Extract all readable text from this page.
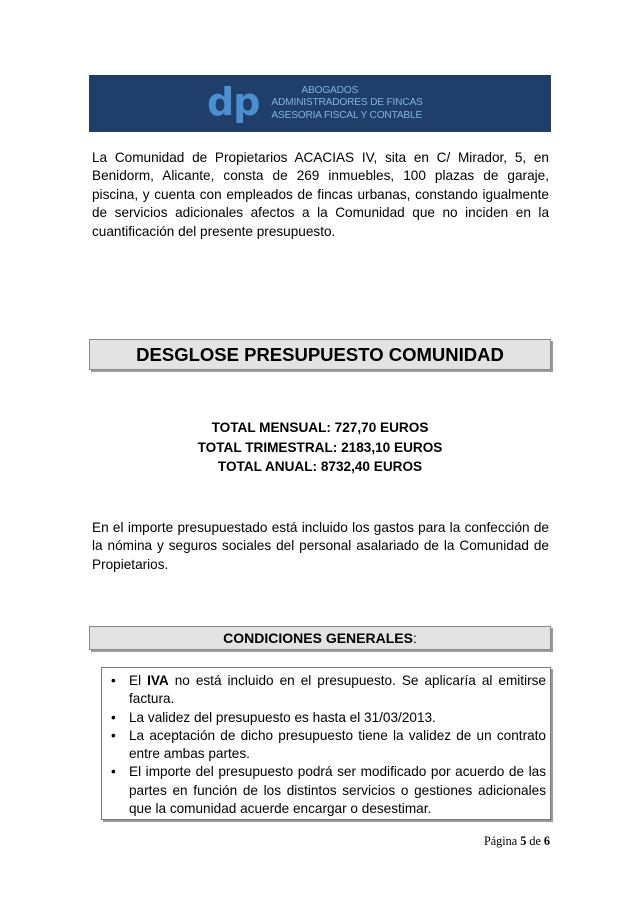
dp	ABOGADOS
ADMINISTRADORES DE FINCAS
ASESORIA FISCAL Y CONTABLE

La Comunidad de Propietarios ACACIAS IV, sita en C/ Mirador, 5, en Benidorm, Alicante, consta de 269 inmuebles, 100 plazas de garaje, piscina, y cuenta con empleados de fincas urbanas, constando igualmente de servicios adicionales afectos a la Comunidad que no inciden en la cuantificación del presente presupuesto.

DESGLOSE PRESUPUESTO COMUNIDAD
TOTAL MENSUAL: 727,70 EUROS
TOTAL TRIMESTRAL: 2183,10 EUROS
TOTAL ANUAL: 8732,40 EUROS

En el importe presupuestado está incluido los gastos para la confección de la nómina y seguros sociales del personal asalariado de la Comunidad de Propietarios.

CONDICIONES GENERALES:
• El IVA no está incluido en el presupuesto. Se aplicaría al emitirse factura.
• La validez del presupuesto es hasta el 31/03/2013.
• La aceptación de dicho presupuesto tiene la validez de un contrato entre ambas partes.
• El importe del presupuesto podrá ser modificado por acuerdo de las partes en función de los distintos servicios o gestiones adicionales que la comunidad acuerde encargar o desestimar.
Página 5 de 6
